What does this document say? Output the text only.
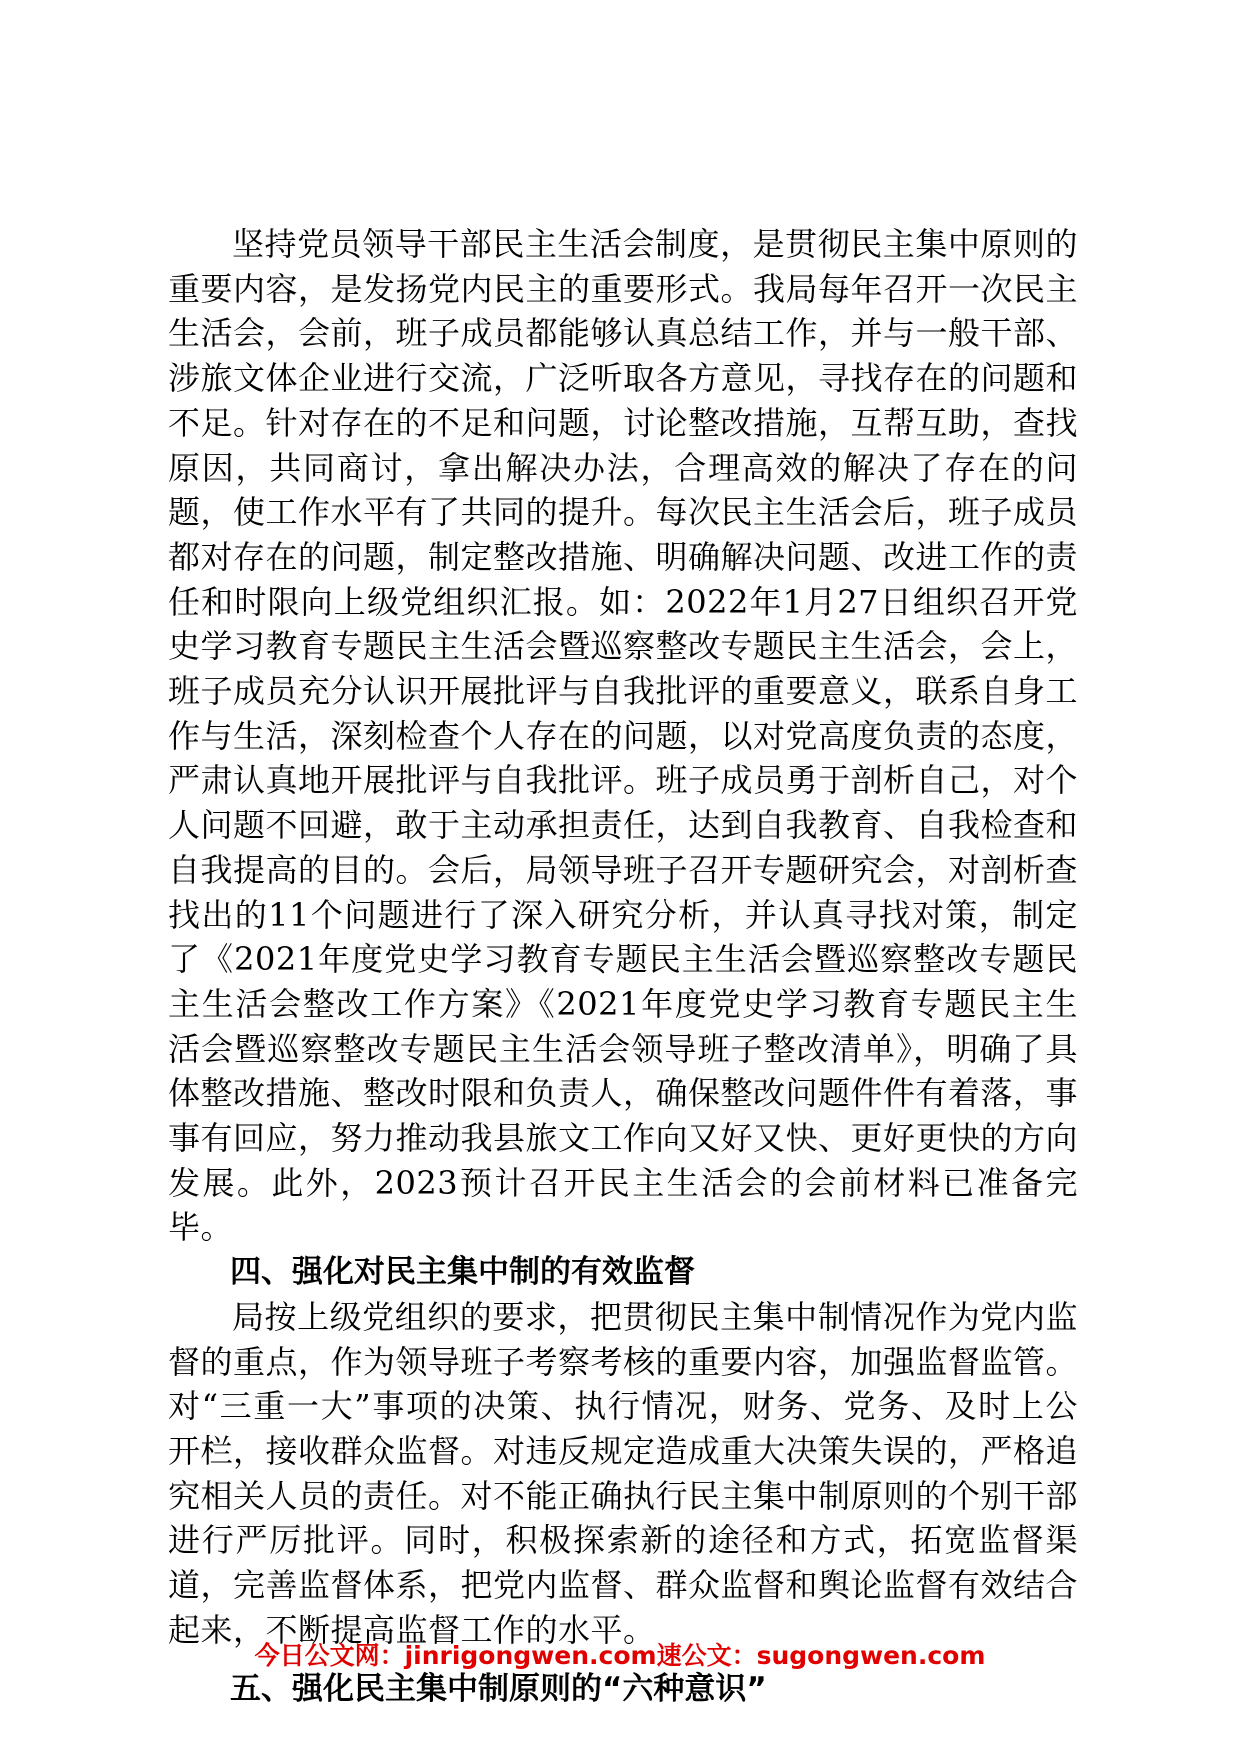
坚持党员领导干部民主生活会制度，是贯彻民主集中原则的重要内容，是发扬党内民主的重要形式。我局每年召开一次民主生活会，会前，班子成员都能够认真总结工作，并与一般干部、涉旅文体企业进行交流，广泛听取各方意见，寻找存在的问题和不足。针对存在的不足和问题，讨论整改措施，互帮互助，查找原因，共同商讨，拿出解决办法，合理高效的解决了存在的问题，使工作水平有了共同的提升。每次民主生活会后，班子成员都对存在的问题，制定整改措施、明确解决问题、改进工作的责任和时限向上级党组织汇报。如：2022年1月27日组织召开党史学习教育专题民主生活会暨巡察整改专题民主生活会，会上，班子成员充分认识开展批评与自我批评的重要意义，联系自身工作与生活，深刻检查个人存在的问题，以对党高度负责的态度，严肃认真地开展批评与自我批评。班子成员勇于剖析自己，对个人问题不回避，敢于主动承担责任，达到自我教育、自我检查和自我提高的目的。会后，局领导班子召开专题研究会，对剖析查找出的11个问题进行了深入研究分析，并认真寻找对策，制定了《2021年度党史学习教育专题民主生活会暨巡察整改专题民主生活会整改工作方案》《2021年度党史学习教育专题民主生活会暨巡察整改专题民主生活会领导班子整改清单》，明确了具体整改措施、整改时限和负责人，确保整改问题件件有着落，事事有回应，努力推动我县旅文工作向又好又快、更好更快的方向发展。此外，2023预计召开民主生活会的会前材料已准备完毕。

四、强化对民主集中制的有效监督

局按上级党组织的要求，把贯彻民主集中制情况作为党内监督的重点，作为领导班子考察考核的重要内容，加强监督监管。对“三重一大”事项的决策、执行情况，财务、党务、及时上公开栏，接收群众监督。对违反规定造成重大决策失误的，严格追究相关人员的责任。对不能正确执行民主集中制原则的个别干部进行严厉批评。同时，积极探索新的途径和方式，拓宽监督渠道，完善监督体系，把党内监督、群众监督和舆论监督有效结合起来，不断提高监督工作的水平。

五、强化民主集中制原则的“六种意识”

今日公文网：jinrigongwen.com速公文：sugongwen.com
